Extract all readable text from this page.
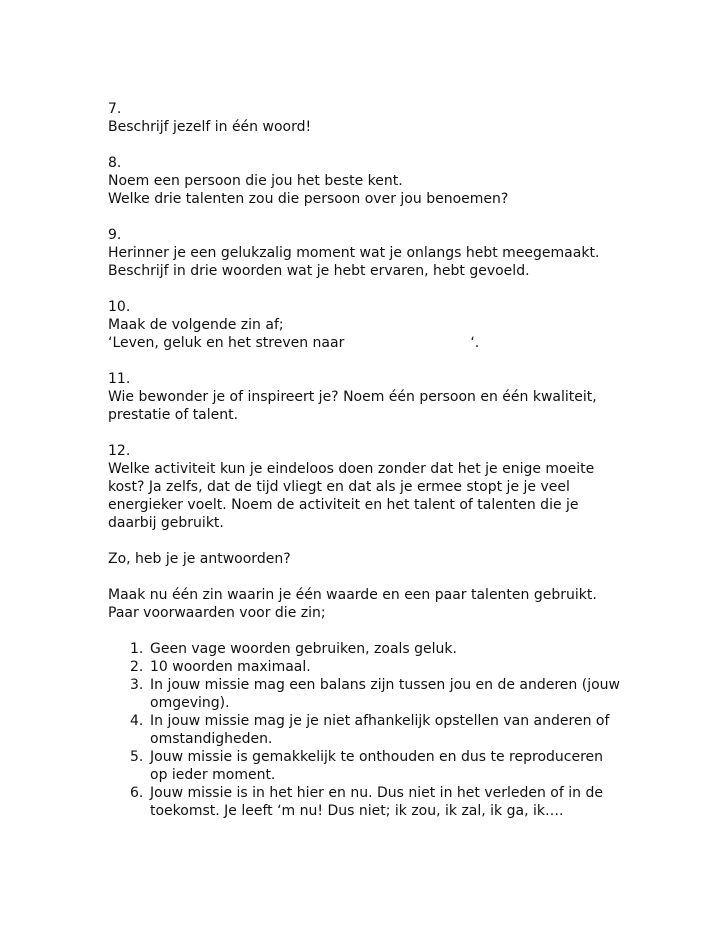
7.
Beschrijf jezelf in één woord!
8.
Noem een persoon die jou het beste kent.
Welke drie talenten zou die persoon over jou benoemen?
9.
Herinner je een gelukzalig moment wat je onlangs hebt meegemaakt.
Beschrijf in drie woorden wat je hebt ervaren, hebt gevoeld.
10.
Maak de volgende zin af;
‘Leven, geluk en het streven naar	‘.
11.
Wie bewonder je of inspireert je? Noem één persoon en één kwaliteit,
prestatie of talent.
12.
Welke activiteit kun je eindeloos doen zonder dat het je enige moeite
kost? Ja zelfs, dat de tijd vliegt en dat als je ermee stopt je je veel
energieker voelt. Noem de activiteit en het talent of talenten die je
daarbij gebruikt.
Zo, heb je je antwoorden?
Maak nu één zin waarin je één waarde en een paar talenten gebruikt.
Paar voorwaarden voor die zin;
1. Geen vage woorden gebruiken, zoals geluk.
2. 10 woorden maximaal.
3. In jouw missie mag een balans zijn tussen jou en de anderen (jouw
omgeving).
4. In jouw missie mag je je niet afhankelijk opstellen van anderen of
omstandigheden.
5. Jouw missie is gemakkelijk te onthouden en dus te reproduceren
op ieder moment.
6. Jouw missie is in het hier en nu. Dus niet in het verleden of in de
toekomst. Je leeft ‘m nu! Dus niet; ik zou, ik zal, ik ga, ik….
